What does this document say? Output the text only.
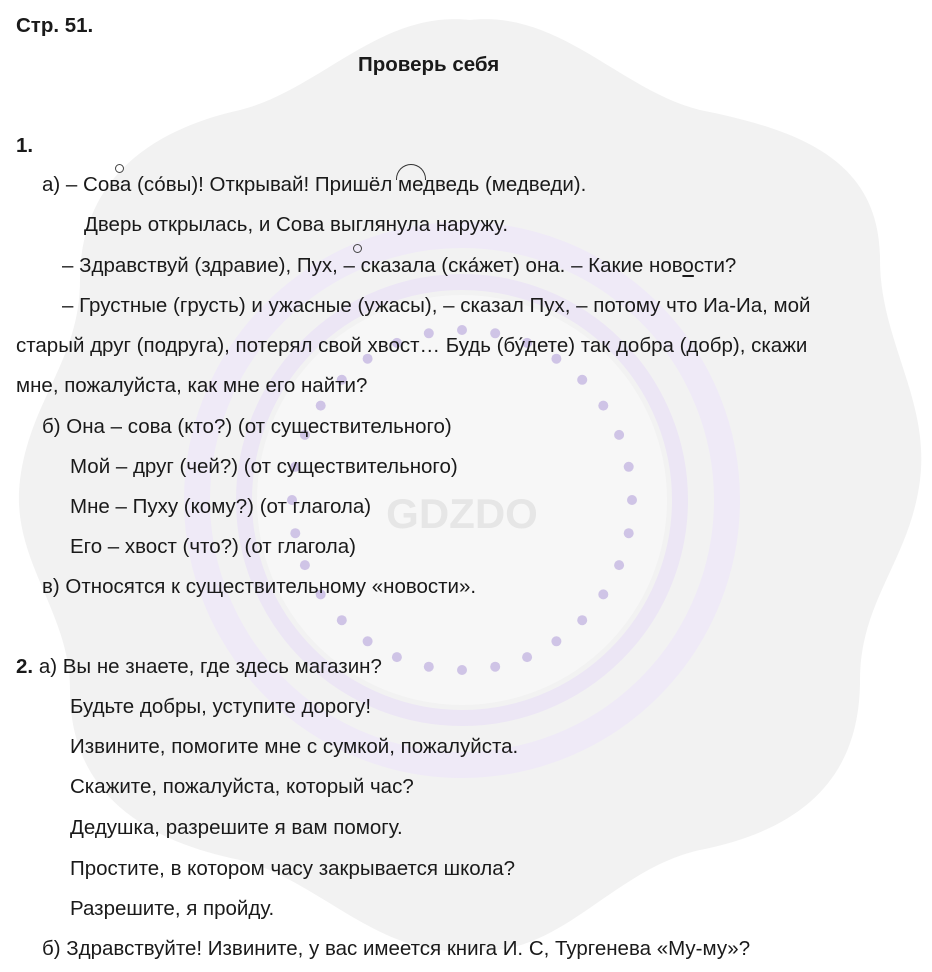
GDZDO
Стр. 51.
Проверь себя
1.
а) – Сова (со́вы)! Открывай! Пришёл медведь (медведи).
Дверь открылась, и Сова выглянула наружу.
– Здравствуй (здравие), Пух, – сказала (ска́жет) она. – Какие новости?
– Грустные (грусть) и ужасные (ужасы), – сказал Пух, – потому что Иа-Иа, мой
старый друг (подруга), потерял свой хвост… Будь (бу́дете) так добра (добр), скажи
мне, пожалуйста, как мне его найти?
б) Она – сова (кто?) (от существительного)
Мой – друг (чей?) (от существительного)
Мне – Пуху (кому?) (от глагола)
Его – хвост (что?) (от глагола)
в) Относятся к существительному «новости».
2. а) Вы не знаете, где здесь магазин?
Будьте добры, уступите дорогу!
Извините, помогите мне с сумкой, пожалуйста.
Скажите, пожалуйста, который час?
Дедушка, разрешите я вам помогу.
Простите, в котором часу закрывается школа?
Разрешите, я пройду.
б) Здравствуйте! Извините, у вас имеется книга И. С, Тургенева «Му-му»?
